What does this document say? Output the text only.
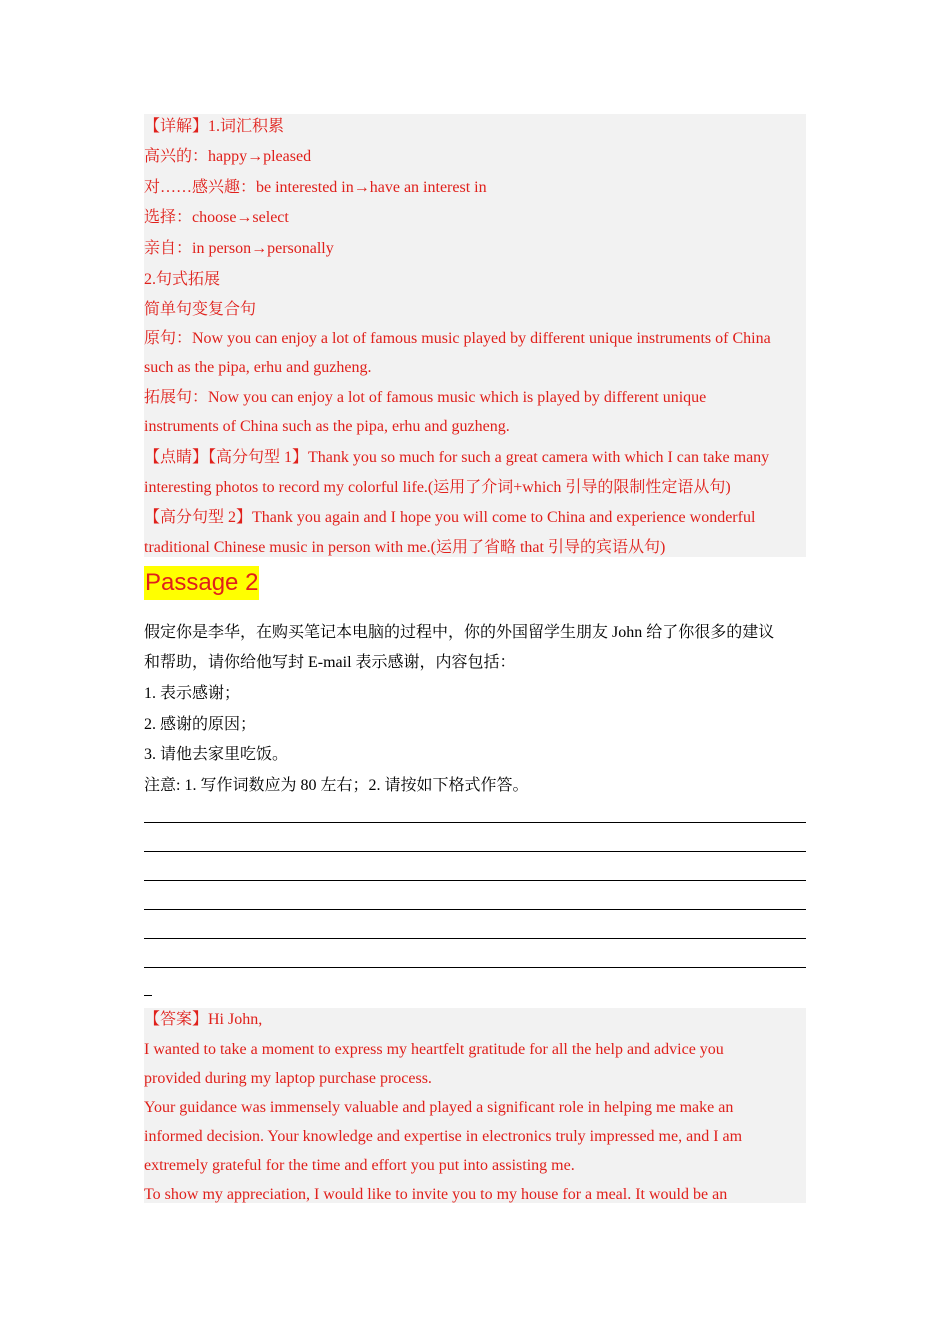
【详解】1.词汇积累
高兴的：happy→pleased
对……感兴趣：be interested in→have an interest in
选择：choose→select
亲自：in person→personally
2.句式拓展
简单句变复合句
原句：Now you can enjoy a lot of famous music played by different unique instruments of China
such as the pipa, erhu and guzheng.
拓展句：Now you can enjoy a lot of famous music which is played by different unique
instruments of China such as the pipa, erhu and guzheng.
【点睛】【高分句型 1】Thank you so much for such a great camera with which I can take many
interesting photos to record my colorful life.(运用了介词+which 引导的限制性定语从句)
【高分句型 2】Thank you again and I hope you will come to China and experience wonderful
traditional Chinese music in person with me.(运用了省略 that 引导的宾语从句)
Passage 2
假定你是李华，在购买笔记本电脑的过程中，你的外国留学生朋友 John 给了你很多的建议
和帮助，请你给他写封 E-mail 表示感谢，内容包括：
1. 表示感谢；
2. 感谢的原因；
3. 请他去家里吃饭。
注意: 1. 写作词数应为 80 左右；2. 请按如下格式作答。
【答案】Hi John,
I wanted to take a moment to express my heartfelt gratitude for all the help and advice you
provided during my laptop purchase process.
Your guidance was immensely valuable and played a significant role in helping me make an
informed decision. Your knowledge and expertise in electronics truly impressed me, and I am
extremely grateful for the time and effort you put into assisting me.
To show my appreciation, I would like to invite you to my house for a meal. It would be an
